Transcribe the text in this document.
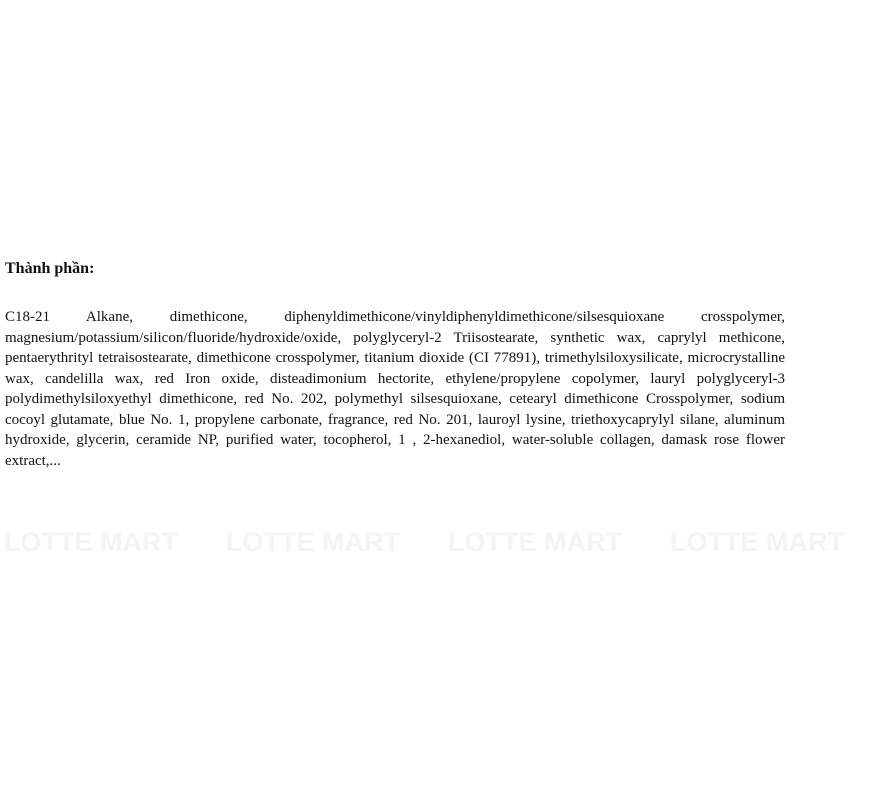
Thành phần:

C18-21 Alkane, dimethicone, diphenyldimethicone/vinyldiphenyldimethicone/silsesquioxane crosspolymer, magnesium/potassium/silicon/fluoride/hydroxide/oxide, polyglyceryl-2 Triisostearate, synthetic wax, caprylyl methicone, pentaerythrityl tetraisostearate, dimethicone crosspolymer, titanium dioxide (CI 77891), trimethylsiloxysilicate, microcrystalline wax, candelilla wax, red Iron oxide, disteadimonium hectorite, ethylene/propylene copolymer, lauryl polyglyceryl-3 polydimethylsiloxyethyl dimethicone, red No. 202, polymethyl silsesquioxane, cetearyl dimethicone Crosspolymer, sodium cocoyl glutamate, blue No. 1, propylene carbonate, fragrance, red No. 201, lauroyl lysine, triethoxycaprylyl silane, aluminum hydroxide, glycerin, ceramide NP, purified water, tocopherol, 1 , 2-hexanediol, water-soluble collagen, damask rose flower extract,...

LOTTE MART LOTTE MART LOTTE MART LOTTE MART
